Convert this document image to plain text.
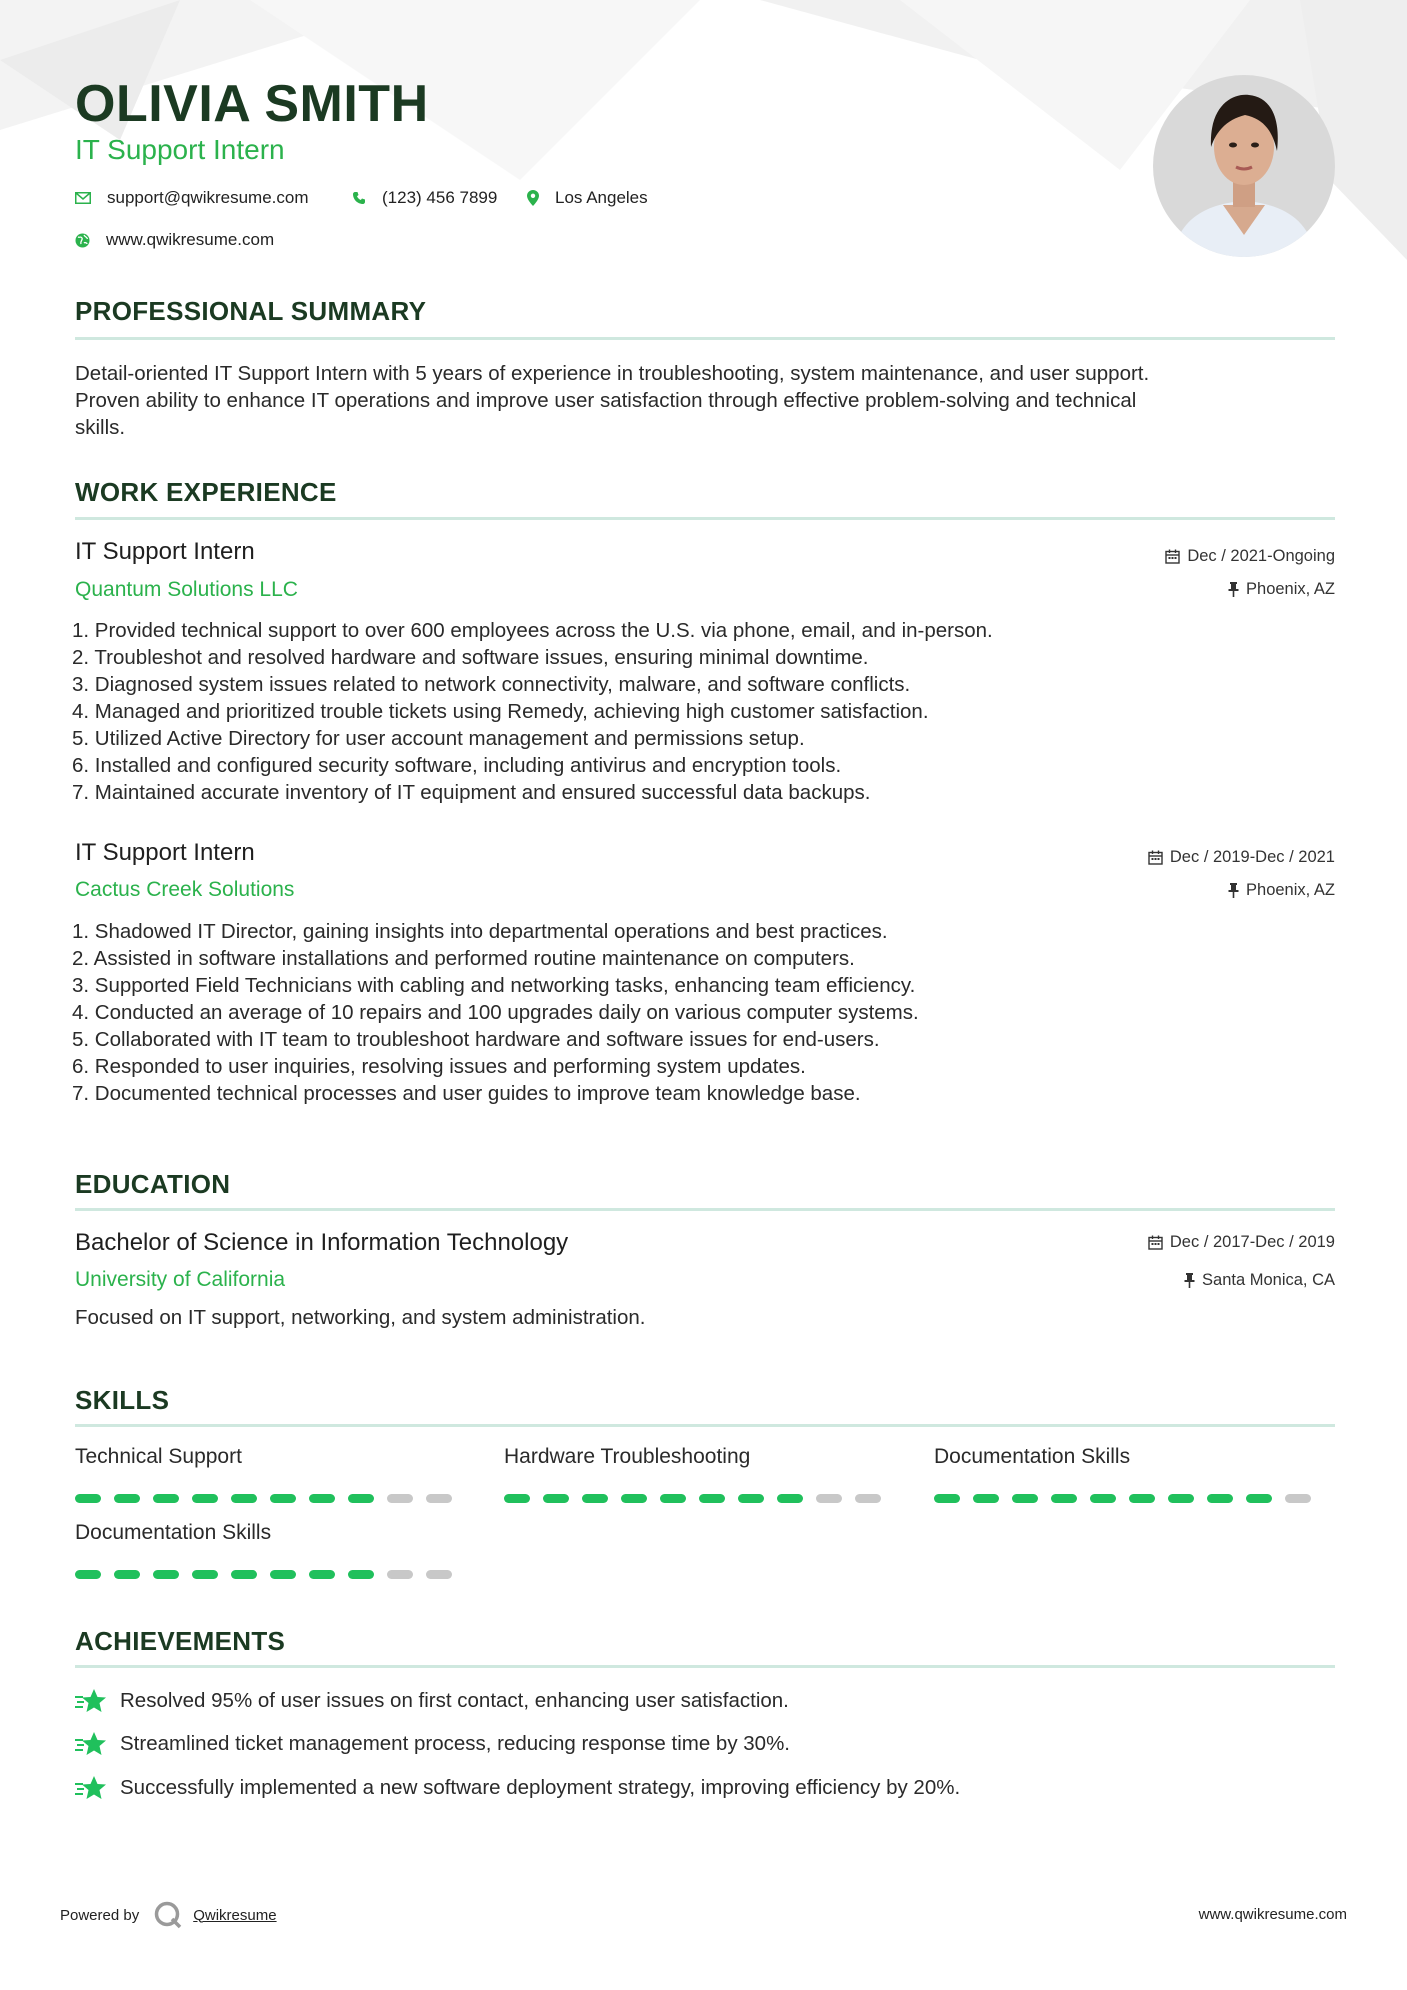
OLIVIA SMITH
IT Support Intern
support@qwikresume.com	(123) 456 7899	Los Angeles
www.qwikresume.com
PROFESSIONAL SUMMARY
Detail-oriented IT Support Intern with 5 years of experience in troubleshooting, system maintenance, and user support.
Proven ability to enhance IT operations and improve user satisfaction through effective problem-solving and technical
skills.
WORK EXPERIENCE
IT Support Intern
Quantum Solutions LLC
Dec / 2021-Ongoing
Phoenix, AZ
1. Provided technical support to over 600 employees across the U.S. via phone, email, and in-person.
2. Troubleshot and resolved hardware and software issues, ensuring minimal downtime.
3. Diagnosed system issues related to network connectivity, malware, and software conflicts.
4. Managed and prioritized trouble tickets using Remedy, achieving high customer satisfaction.
5. Utilized Active Directory for user account management and permissions setup.
6. Installed and configured security software, including antivirus and encryption tools.
7. Maintained accurate inventory of IT equipment and ensured successful data backups.
IT Support Intern
Cactus Creek Solutions
Dec / 2019-Dec / 2021
Phoenix, AZ
1. Shadowed IT Director, gaining insights into departmental operations and best practices.
2. Assisted in software installations and performed routine maintenance on computers.
3. Supported Field Technicians with cabling and networking tasks, enhancing team efficiency.
4. Conducted an average of 10 repairs and 100 upgrades daily on various computer systems.
5. Collaborated with IT team to troubleshoot hardware and software issues for end-users.
6. Responded to user inquiries, resolving issues and performing system updates.
7. Documented technical processes and user guides to improve team knowledge base.
EDUCATION
Bachelor of Science in Information Technology
University of California
Dec / 2017-Dec / 2019
Santa Monica, CA
Focused on IT support, networking, and system administration.
SKILLS
Technical Support	Hardware Troubleshooting	Documentation Skills
Documentation Skills
ACHIEVEMENTS
Resolved 95% of user issues on first contact, enhancing user satisfaction.
Streamlined ticket management process, reducing response time by 30%.
Successfully implemented a new software deployment strategy, improving efficiency by 20%.
Powered by	Qwikresume	www.qwikresume.com
